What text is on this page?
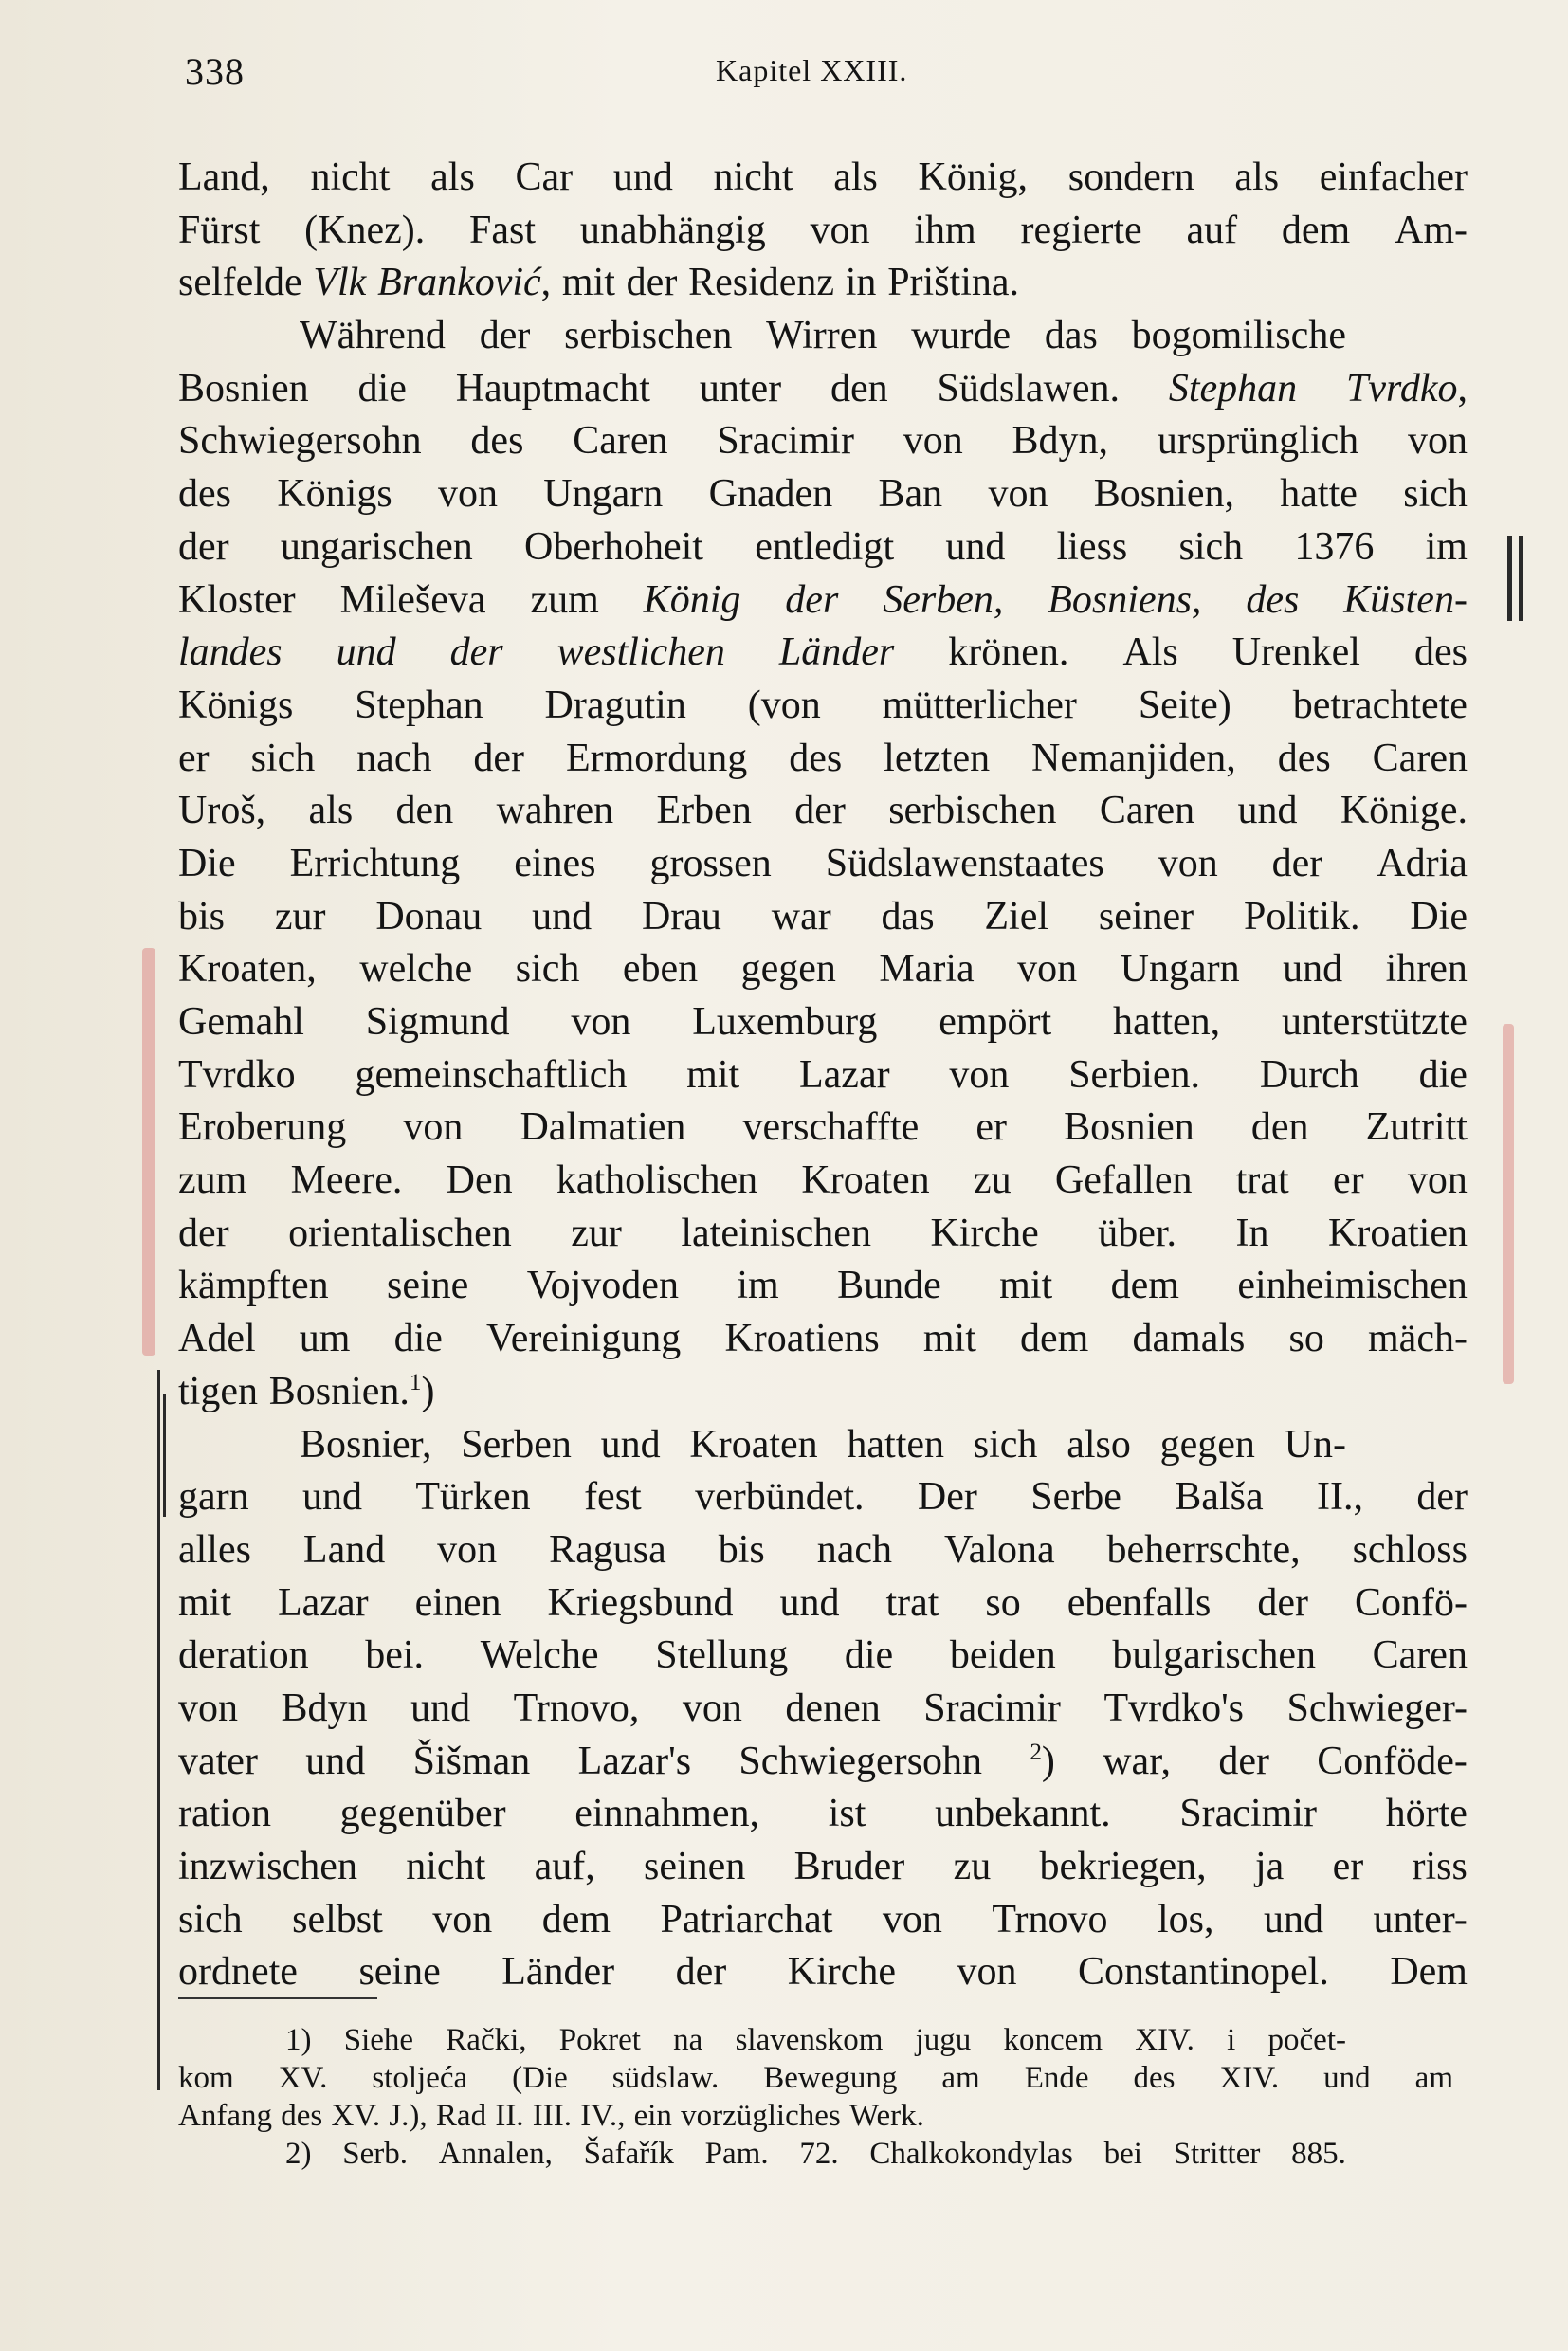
338	Kapitel XXIII.
Land, nicht als Car und nicht als König, sondern als einfacher
Fürst (Knez). Fast unabhängig von ihm regierte auf dem Am-
selfelde Vlk Branković, mit der Residenz in Priština.
Während der serbischen Wirren wurde das bogomilische
Bosnien die Hauptmacht unter den Südslawen. Stephan Tvrdko,
Schwiegersohn des Caren Sracimir von Bdyn, ursprünglich von
des Königs von Ungarn Gnaden Ban von Bosnien, hatte sich
der ungarischen Oberhoheit entledigt und liess sich 1376 im
Kloster Mileševa zum König der Serben, Bosniens, des Küsten-
landes und der westlichen Länder krönen. Als Urenkel des
Königs Stephan Dragutin (von mütterlicher Seite) betrachtete
er sich nach der Ermordung des letzten Nemanjiden, des Caren
Uroš, als den wahren Erben der serbischen Caren und Könige.
Die Errichtung eines grossen Südslawenstaates von der Adria
bis zur Donau und Drau war das Ziel seiner Politik. Die
Kroaten, welche sich eben gegen Maria von Ungarn und ihren
Gemahl Sigmund von Luxemburg empört hatten, unterstützte
Tvrdko gemeinschaftlich mit Lazar von Serbien. Durch die
Eroberung von Dalmatien verschaffte er Bosnien den Zutritt
zum Meere. Den katholischen Kroaten zu Gefallen trat er von
der orientalischen zur lateinischen Kirche über. In Kroatien
kämpften seine Vojvoden im Bunde mit dem einheimischen
Adel um die Vereinigung Kroatiens mit dem damals so mäch-
tigen Bosnien.$^1$)
Bosnier, Serben und Kroaten hatten sich also gegen Un-
garn und Türken fest verbündet. Der Serbe Balša II., der
alles Land von Ragusa bis nach Valona beherrschte, schloss
mit Lazar einen Kriegsbund und trat so ebenfalls der Confö-
deration bei. Welche Stellung die beiden bulgarischen Caren
von Bdyn und Trnovo, von denen Sracimir Tvrdko's Schwieger-
vater und Šišman Lazar's Schwiegersohn $^2$) war, der Conföde-
ration gegenüber einnahmen, ist unbekannt. Sracimir hörte
inzwischen nicht auf, seinen Bruder zu bekriegen, ja er riss
sich selbst von dem Patriarchat von Trnovo los, und unter-
ordnete seine Länder der Kirche von Constantinopel. Dem
1) Siehe Rački, Pokret na slavenskom jugu koncem XIV. i počet-
kom XV. stoljeća (Die südslaw. Bewegung am Ende des XIV. und am
Anfang des XV. J.), Rad II. III. IV., ein vorzügliches Werk.
2) Serb. Annalen, Šafařík Pam. 72. Chalkokondylas bei Stritter 885.
